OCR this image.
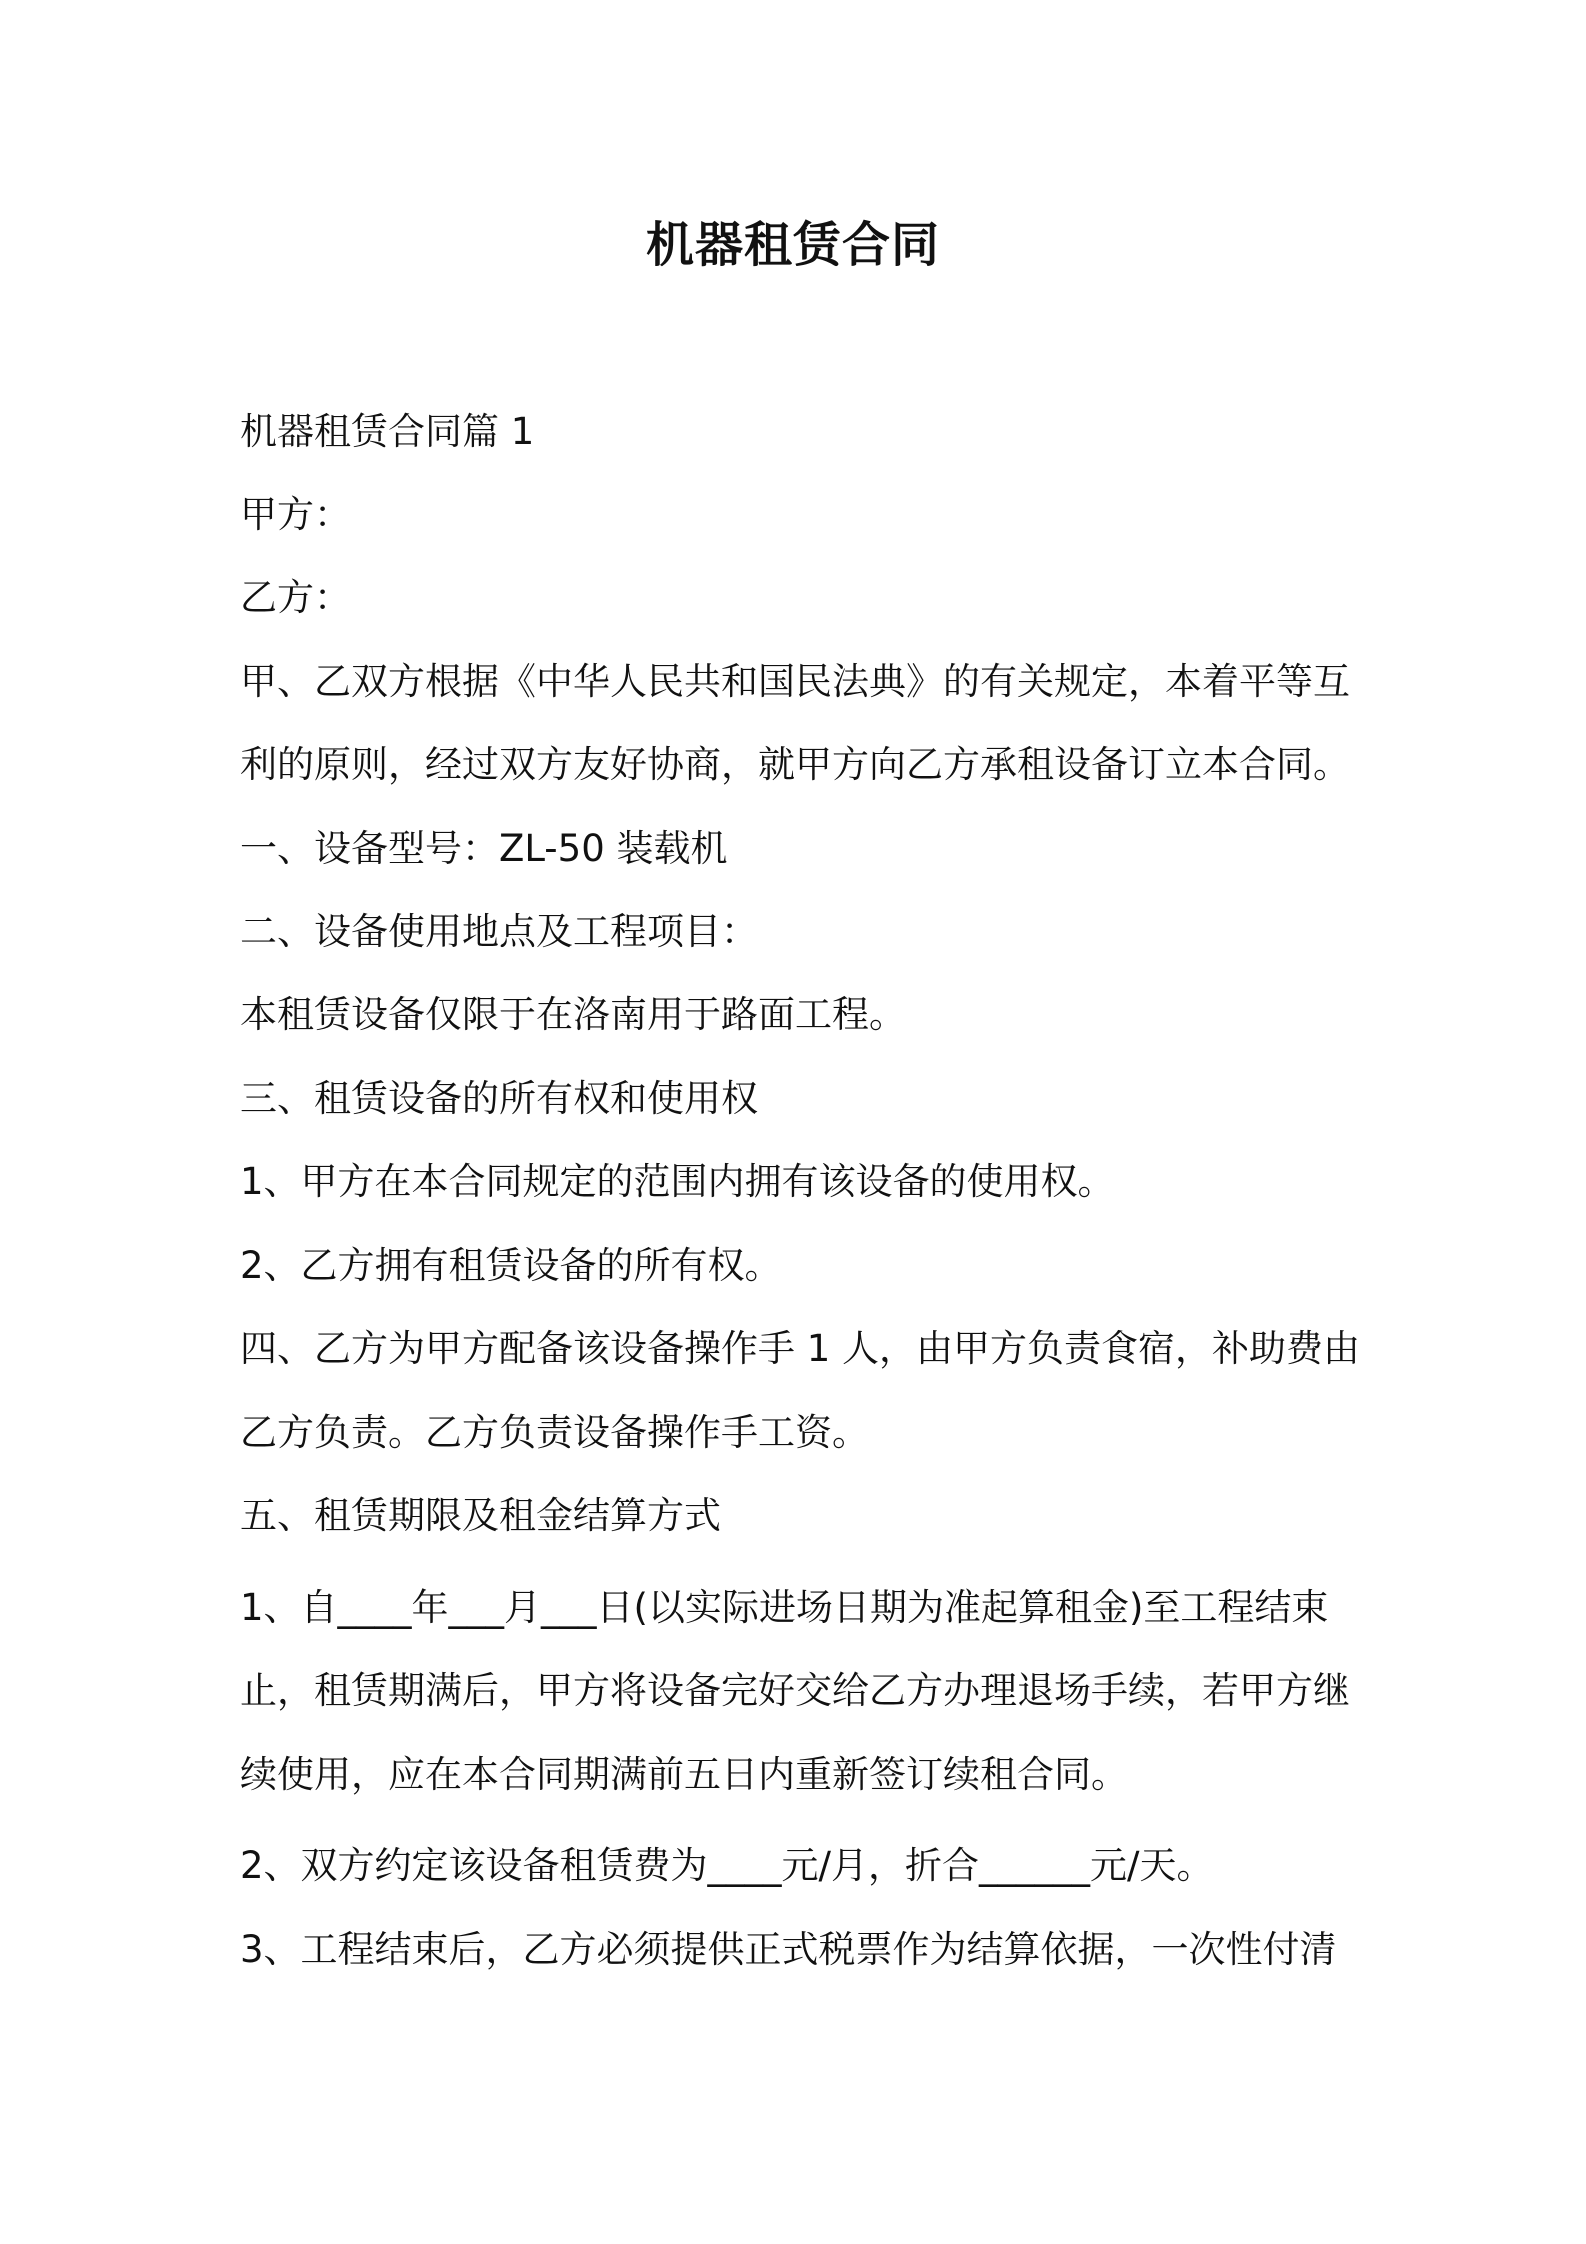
机器租赁合同
机器租赁合同篇 1
甲方：
乙方：
甲、乙双方根据《中华人民共和国民法典》的有关规定，本着平等互
利的原则，经过双方友好协商，就甲方向乙方承租设备订立本合同。
一、设备型号：ZL-50 装载机
二、设备使用地点及工程项目：
本租赁设备仅限于在洛南用于路面工程。
三、租赁设备的所有权和使用权
1、甲方在本合同规定的范围内拥有该设备的使用权。
2、乙方拥有租赁设备的所有权。
四、乙方为甲方配备该设备操作手 1 人，由甲方负责食宿，补助费由
乙方负责。乙方负责设备操作手工资。
五、租赁期限及租金结算方式
1、自____年___月___日(以实际进场日期为准起算租金)至工程结束
止，租赁期满后，甲方将设备完好交给乙方办理退场手续，若甲方继
续使用，应在本合同期满前五日内重新签订续租合同。
2、双方约定该设备租赁费为____元/月，折合______元/天。
3、工程结束后，乙方必须提供正式税票作为结算依据，一次性付清
